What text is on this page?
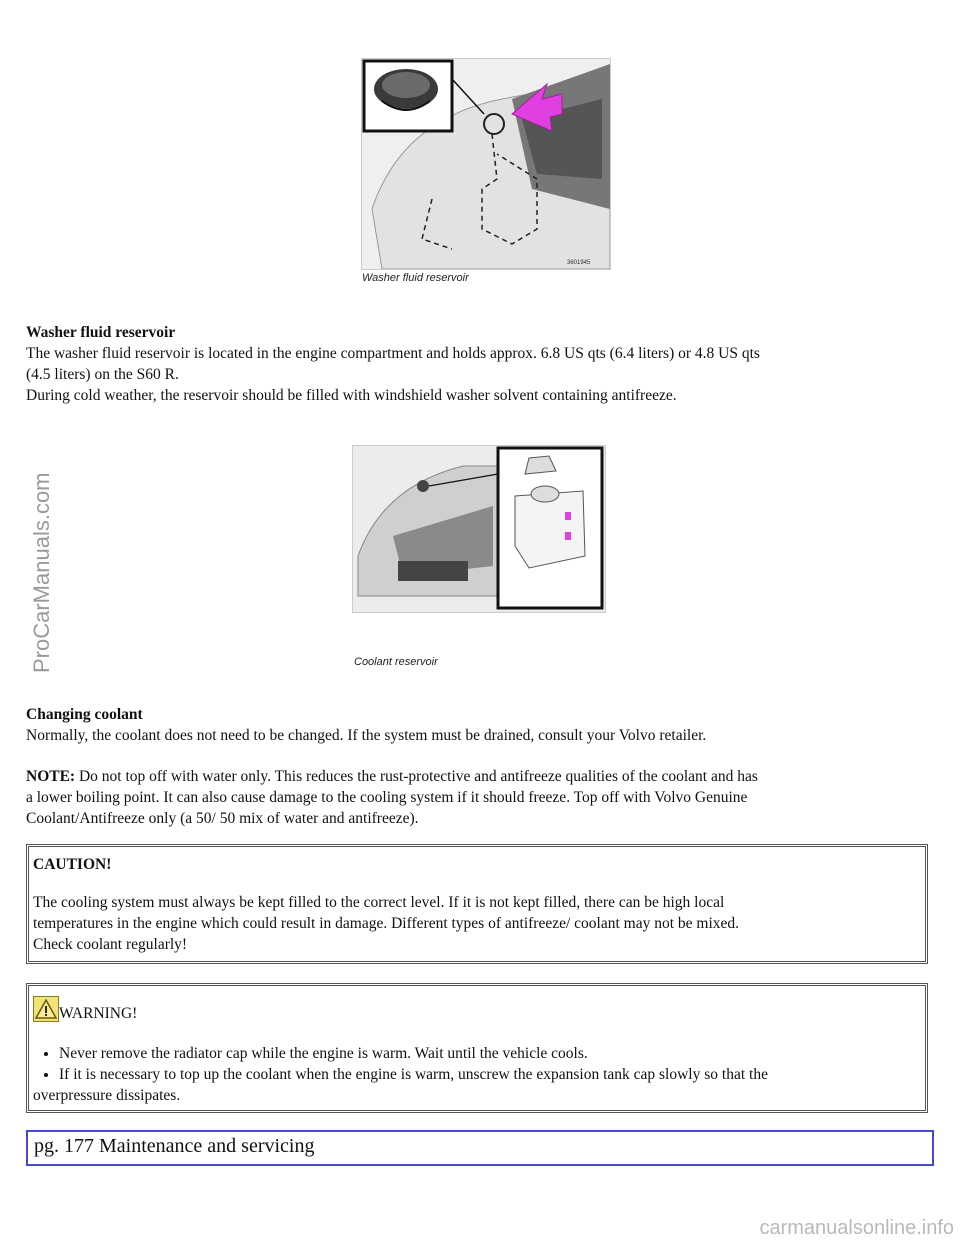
3601945
Washer fluid reservoir
Washer fluid reservoir
The washer fluid reservoir is located in the engine compartment and holds approx. 6.8 US qts (6.4 liters) or 4.8 US qts
(4.5 liters) on the S60 R.
During cold weather, the reservoir should be filled with windshield washer solvent containing antifreeze.
Coolant reservoir
Changing coolant
Normally, the coolant does not need to be changed. If the system must be drained, consult your Volvo retailer.
NOTE: Do not top off with water only. This reduces the rust-protective and antifreeze qualities of the coolant and has
a lower boiling point. It can also cause damage to the cooling system if it should freeze. Top off with Volvo Genuine
Coolant/Antifreeze only (a 50/ 50 mix of water and antifreeze).
CAUTION!
The cooling system must always be kept filled to the correct level. If it is not kept filled, there can be high local
temperatures in the engine which could result in damage. Different types of antifreeze/ coolant may not be mixed.
Check coolant regularly!
WARNING!
• Never remove the radiator cap while the engine is warm. Wait until the vehicle cools.
• If it is necessary to top up the coolant when the engine is warm, unscrew the expansion tank cap slowly so that the
overpressure dissipates.
pg. 177 Maintenance and servicing
ProCarManuals.com
carmanualsonline.info
